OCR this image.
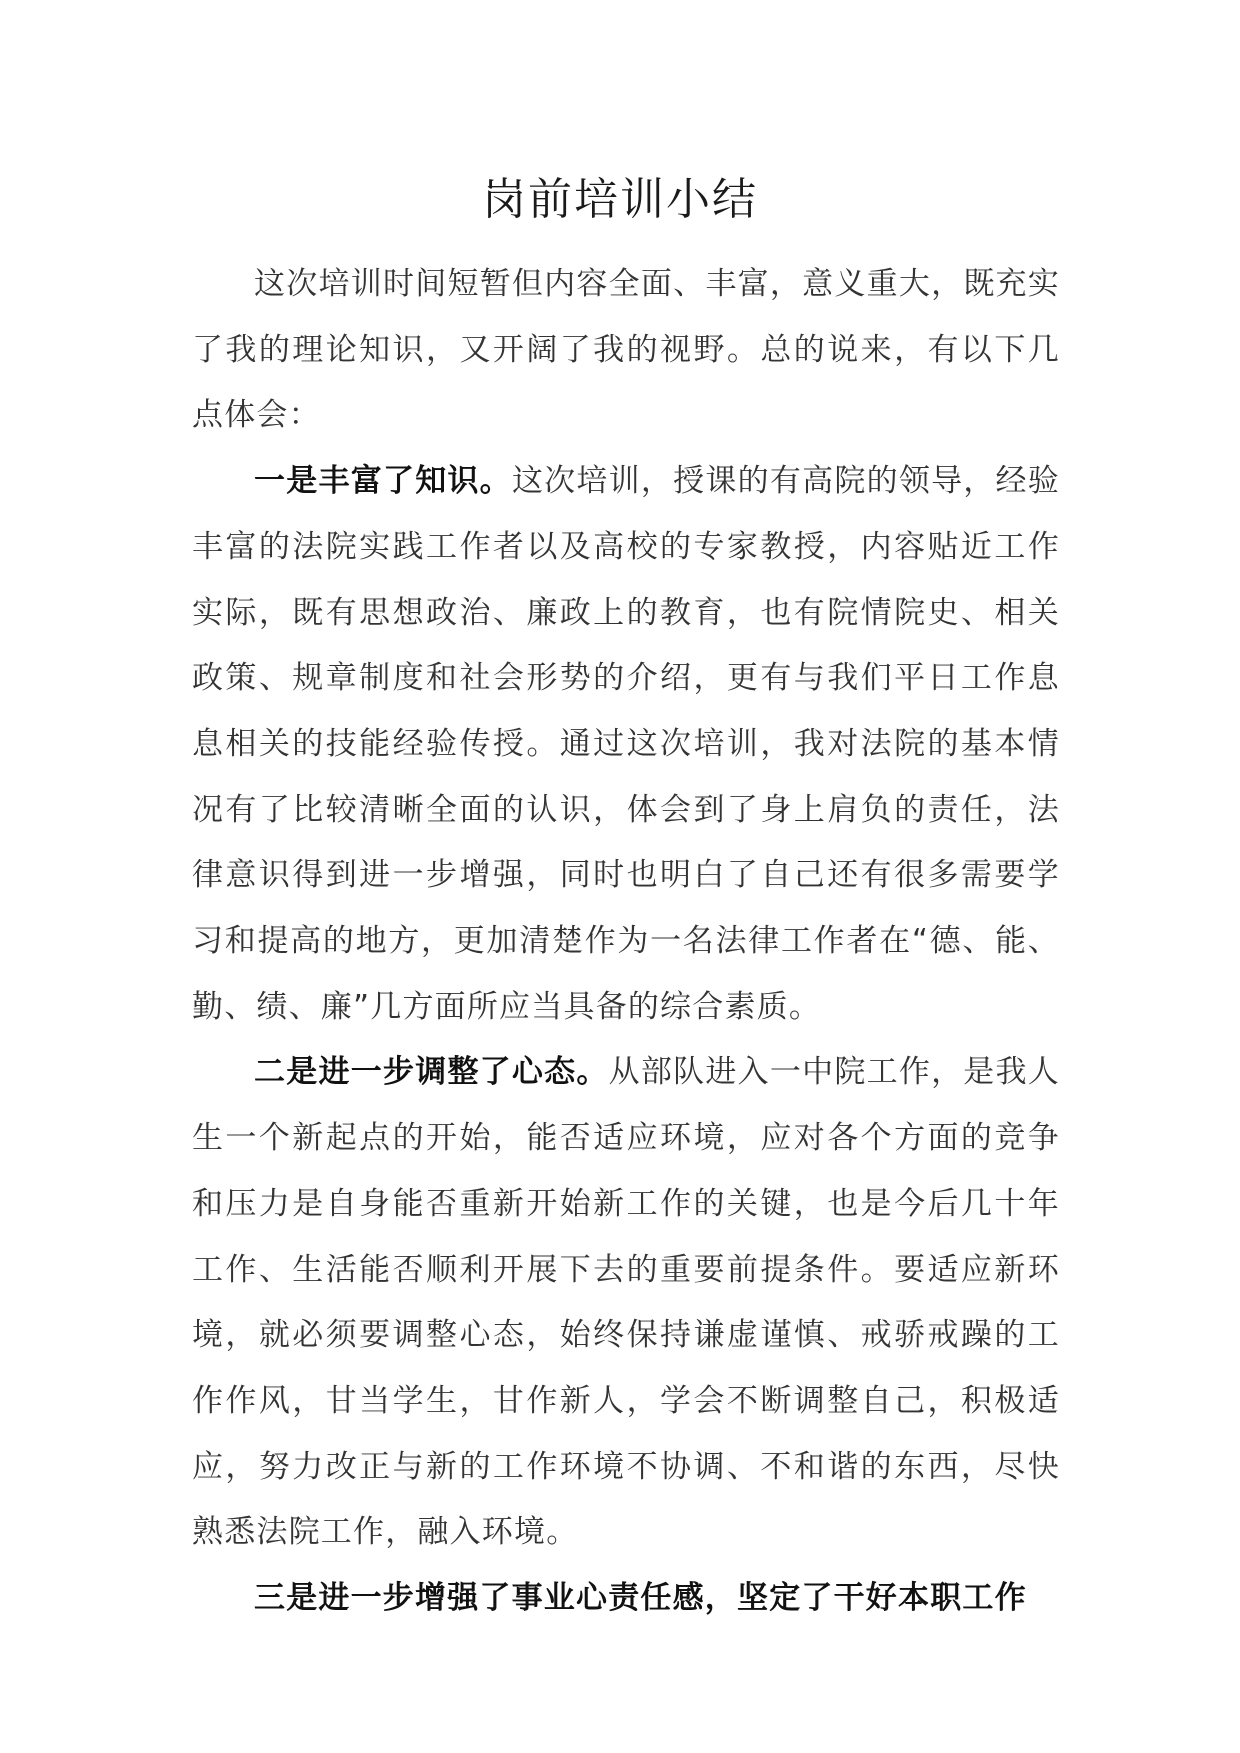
岗前培训小结

这次培训时间短暂但内容全面、丰富，意义重大，既充实了我的理论知识，又开阔了我的视野。总的说来，有以下几点体会：

一是丰富了知识。这次培训，授课的有高院的领导，经验丰富的法院实践工作者以及高校的专家教授，内容贴近工作实际，既有思想政治、廉政上的教育，也有院情院史、相关政策、规章制度和社会形势的介绍，更有与我们平日工作息息相关的技能经验传授。通过这次培训，我对法院的基本情况有了比较清晰全面的认识，体会到了身上肩负的责任，法律意识得到进一步增强，同时也明白了自己还有很多需要学习和提高的地方，更加清楚作为一名法律工作者在“德、能、勤、绩、廉”几方面所应当具备的综合素质。

二是进一步调整了心态。从部队进入一中院工作，是我人生一个新起点的开始，能否适应环境，应对各个方面的竞争和压力是自身能否重新开始新工作的关键，也是今后几十年工作、生活能否顺利开展下去的重要前提条件。要适应新环境，就必须要调整心态，始终保持谦虚谨慎、戒骄戒躁的工作作风，甘当学生，甘作新人，学会不断调整自己，积极适应，努力改正与新的工作环境不协调、不和谐的东西，尽快熟悉法院工作，融入环境。

三是进一步增强了事业心责任感，坚定了干好本职工作
